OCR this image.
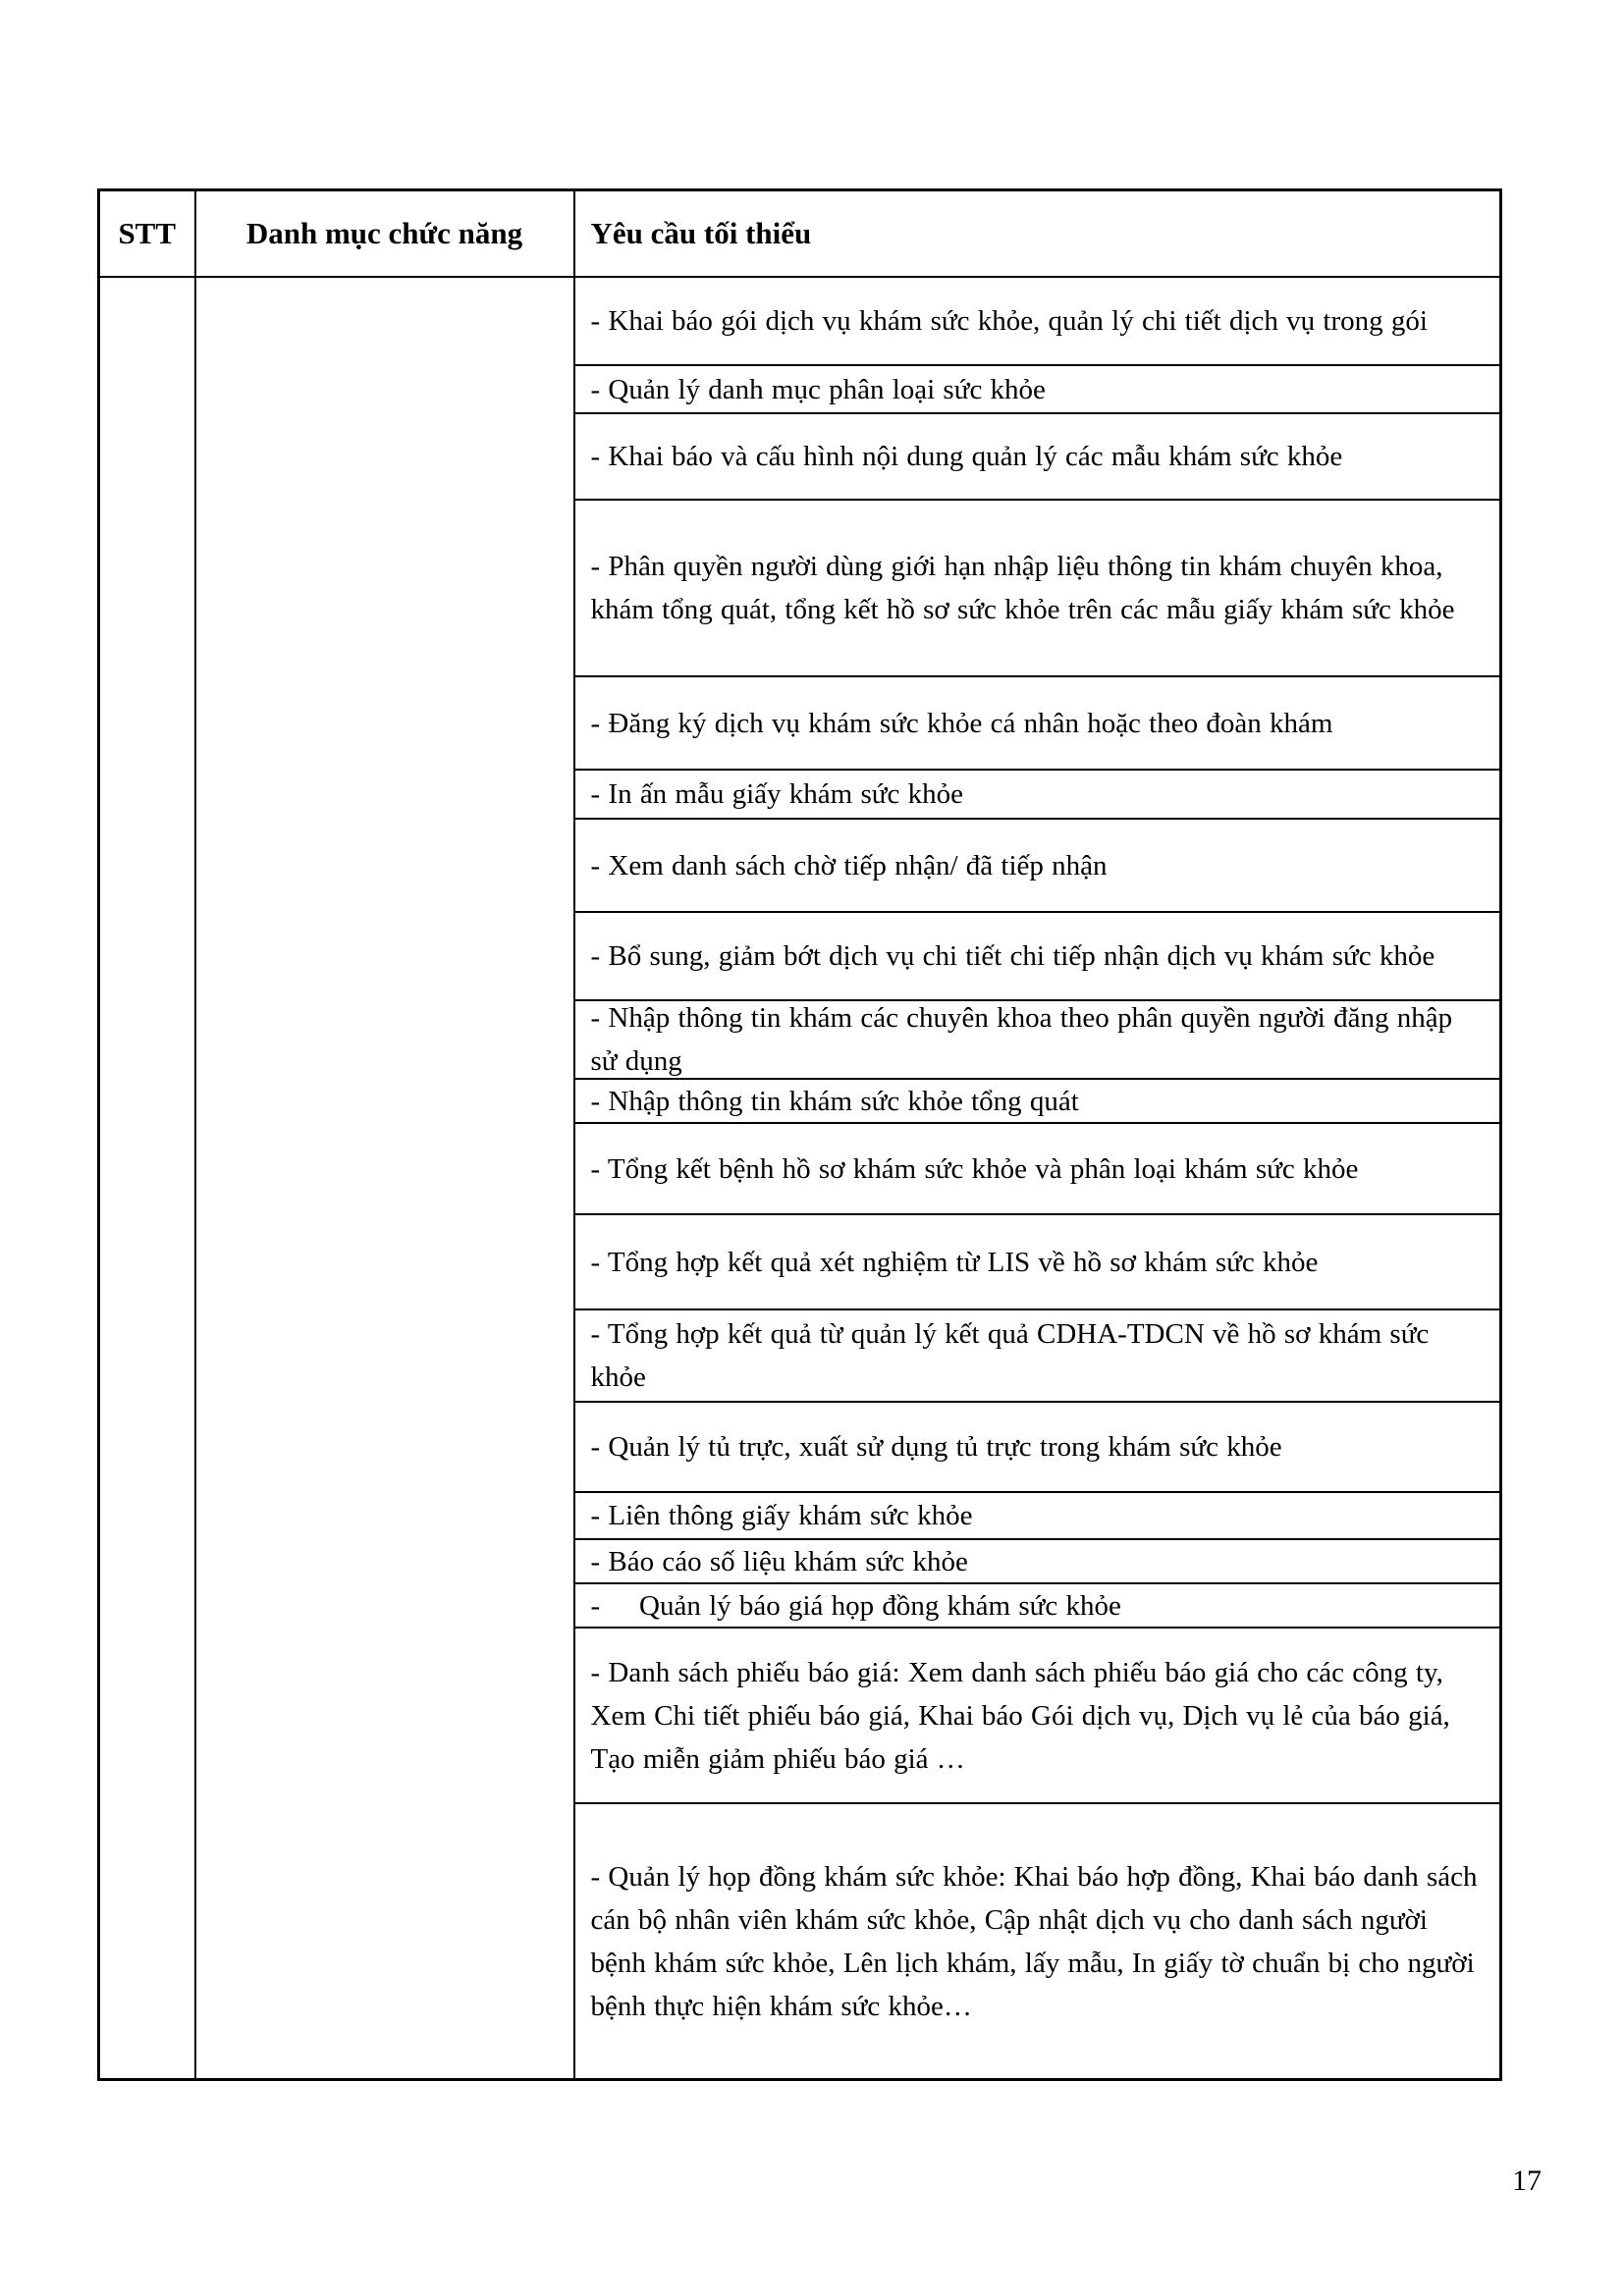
STT	Danh mục chức năng	Yêu cầu tối thiểu

- Khai báo gói dịch vụ khám sức khỏe, quản lý chi tiết dịch vụ trong gói
- Quản lý danh mục phân loại sức khỏe
- Khai báo và cấu hình nội dung quản lý các mẫu khám sức khỏe
- Phân quyền người dùng giới hạn nhập liệu thông tin khám chuyên khoa, khám tổng quát, tổng kết hồ sơ sức khỏe trên các mẫu giấy khám sức khỏe
- Đăng ký dịch vụ khám sức khỏe cá nhân hoặc theo đoàn khám
- In ấn mẫu giấy khám sức khỏe
- Xem danh sách chờ tiếp nhận/ đã tiếp nhận
- Bổ sung, giảm bớt dịch vụ chi tiết chi tiếp nhận dịch vụ khám sức khỏe
- Nhập thông tin khám các chuyên khoa theo phân quyền người đăng nhập sử dụng
- Nhập thông tin khám sức khỏe tổng quát
- Tổng kết bệnh hồ sơ khám sức khỏe và phân loại khám sức khỏe
- Tổng hợp kết quả xét nghiệm từ LIS về hồ sơ khám sức khỏe
- Tổng hợp kết quả từ quản lý kết quả CDHA-TDCN về hồ sơ khám sức khỏe
- Quản lý tủ trực, xuất sử dụng tủ trực trong khám sức khỏe
- Liên thông giấy khám sức khỏe
- Báo cáo số liệu khám sức khỏe
-	Quản lý báo giá họp đồng khám sức khỏe
- Danh sách phiếu báo giá: Xem danh sách phiếu báo giá cho các công ty,  Xem Chi tiết phiếu báo giá, Khai báo Gói dịch vụ, Dịch vụ lẻ của báo giá, Tạo miễn giảm phiếu báo giá …
- Quản lý họp đồng khám sức khỏe: Khai báo hợp đồng, Khai báo danh sách cán bộ nhân viên khám sức khỏe, Cập nhật dịch vụ cho danh sách người bệnh khám sức khỏe, Lên lịch khám, lấy mẫu, In giấy tờ chuẩn bị cho người bệnh thực hiện khám sức khỏe…
17
